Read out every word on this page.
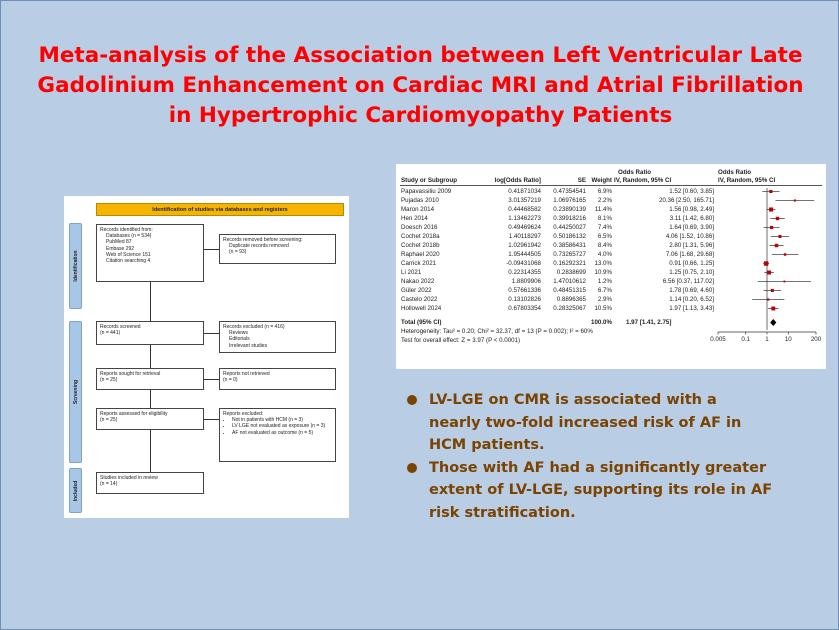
Meta-analysis of the Association between Left Ventricular Late
Gadolinium Enhancement on Cardiac MRI and Atrial Fibrillation
in Hypertrophic Cardiomyopathy Patients
Identification of studies via databases and registers
Identification
Screening
Included
Records identified from:
Databases (n = 534)
PubMed 87
Embase 292
Web of Science 151
Citation searching 4
Records removed before screening:
Duplicate records removed
(n = 93)
Records screened
(n = 441)
Records excluded (n = 416)
Reviews
Editorials
Irrelevant studies
Reports sought for retrieval
(n = 25)
Reports not retrieved
(n = 0)
Reports assessed for eligibility
(n = 25)
Reports excluded:
• Not in patients with HCM (n = 3)
• LV LGE not evaluated as exposure (n = 3)
• AF not evaluated as outcome (n = 5)
Studies included in review
(n = 14)
Odds Ratio	Odds Ratio
Study or Subgroup	log[Odds Ratio]	SE Weight IV, Random, 95% CI	IV, Random, 95% CI
Papavassiliu 2009	0.41871034	0.47354541	6.9%	1.52 [0.60, 3.85]
Pujadas 2010	3.01357219	1.06976165	2.2%	20.36 [2.50, 165.71]
Maron 2014	0.44468582	0.23890139	11.4%	1.56 [0.98, 2.49]
Hen 2014	1.13462273	0.39918216	8.1%	3.11 [1.42, 6.80]
Doesch 2016	0.49469624	0.44250027	7.4%	1.64 [0.69, 3.90]
Cochet 2018a	1.40118297	0.50186132	6.5%	4.06 [1.52, 10.86]
Cochet 2018b	1.02961942	0.38586431	8.4%	2.80 [1.31, 5.96]
Raphael 2020	1.95444505	0.73265727	4.0%	7.06 [1.68, 29.68]
Carrick 2021	-0.09431068	0.16292321	13.0%	0.91 [0.66, 1.25]
Li 2021	0.22314355	0.2838699	10.9%	1.25 [0.75, 2.10]
Nakao 2022	1.8809906	1.47010612	1.2%	6.56 [0.37, 117.02]
Güler 2022	0.57661336	0.48451315	6.7%	1.78 [0.69, 4.60]
Castelo 2022	0.13102826	0.8896365	2.9%	1.14 [0.20, 6.52]
Hollowell 2024	0.67803354	0.28325067	10.5%	1.97 [1.13, 3.43]
Total (95% CI)	100.0% 1.97 [1.41, 2.75]
Heterogeneity: Tau² = 0.20; Chi² = 32.37, df = 13 (P = 0.002); I² = 60%
Test for overall effect: Z = 3.97 (P < 0.0001)	0.005	0.1 1	10	200
LV-LGE on CMR is associated with a
nearly two-fold increased risk of AF in
HCM patients.
Those with AF had a significantly greater
extent of LV-LGE, supporting its role in AF
risk stratification.
